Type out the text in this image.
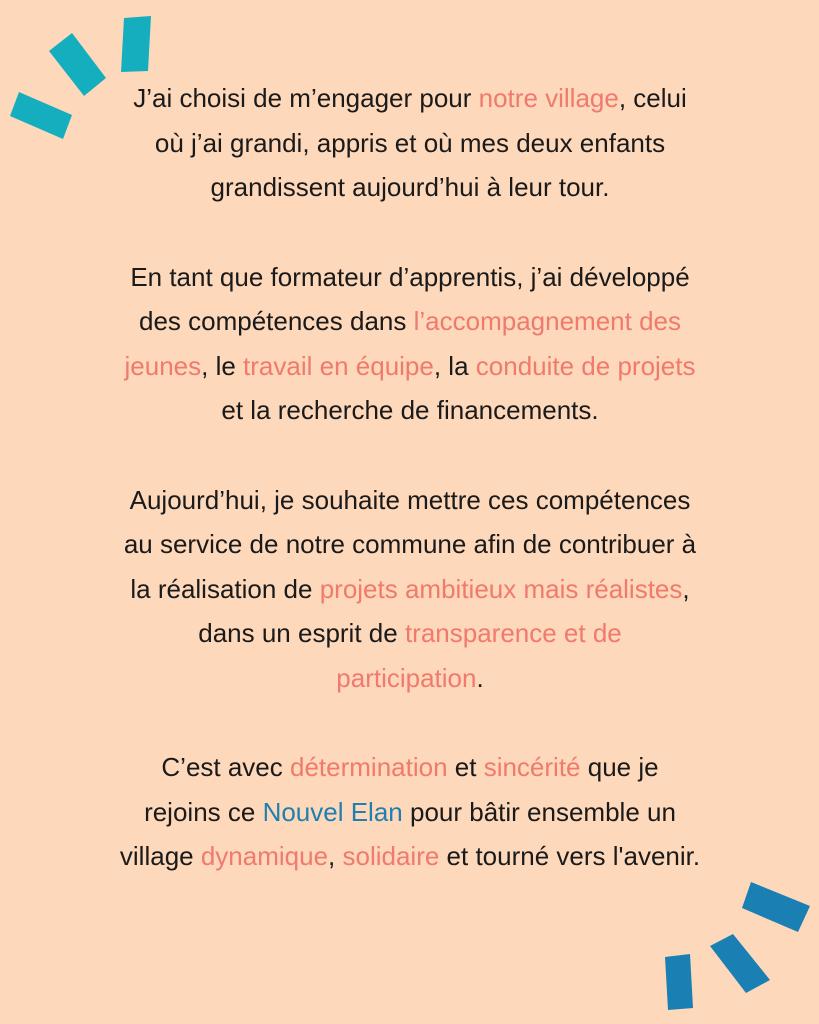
J’ai choisi de m’engager pour notre village, celui
où j’ai grandi, appris et où mes deux enfants
grandissent aujourd’hui à leur tour.
En tant que formateur d’apprentis, j’ai développé
des compétences dans l’accompagnement des
jeunes, le travail en équipe, la conduite de projets
et la recherche de financements.
Aujourd’hui, je souhaite mettre ces compétences
au service de notre commune afin de contribuer à
la réalisation de projets ambitieux mais réalistes,
dans un esprit de transparence et de
participation.
C’est avec détermination et sincérité que je
rejoins ce Nouvel Elan pour bâtir ensemble un
village dynamique, solidaire et tourné vers l'avenir.
